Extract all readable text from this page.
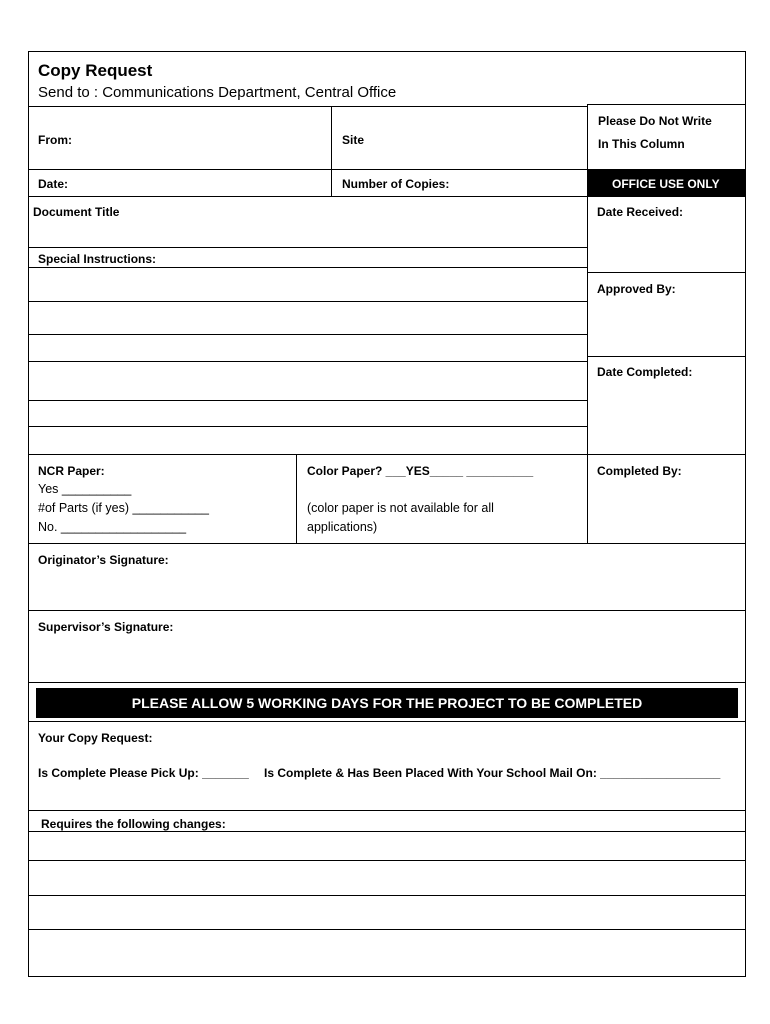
Copy Request
Send to : Communications Department, Central Office
From:	Site
Please Do Not Write
In This Column
Date:	Number of Copies:	OFFICE USE ONLY
Document Title	Date Received:
Special Instructions:
Approved By:
Date Completed:
NCR Paper:
Yes __________
#of Parts (if yes) ___________
No. __________________
Color Paper? ___YES_____ __________
(color paper is not available for all
applications)
Completed By:
Originator’s Signature:
Supervisor’s Signature:
PLEASE ALLOW 5 WORKING DAYS FOR THE PROJECT TO BE COMPLETED
Your Copy Request:
Is Complete Please Pick Up: _______ Is Complete & Has Been Placed With Your School Mail On: __________________
Requires the following changes:
